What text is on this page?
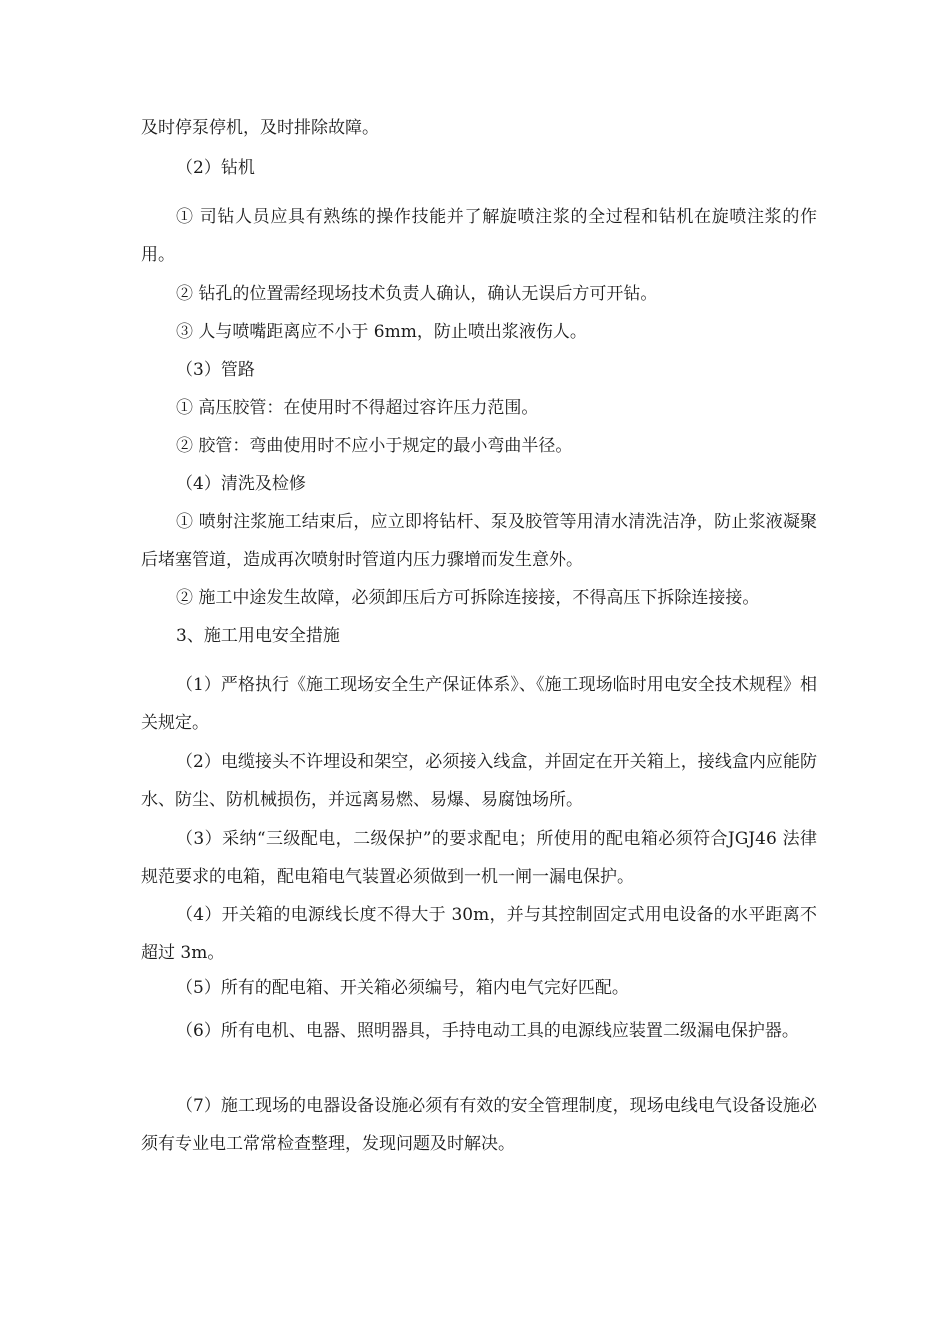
及时停泵停机，及时排除故障。

（2）钻机

① 司钻人员应具有熟练的操作技能并了解旋喷注浆的全过程和钻机在旋喷注浆的作用。

② 钻孔的位置需经现场技术负责人确认，确认无误后方可开钻。

③ 人与喷嘴距离应不小于 6mm，防止喷出浆液伤人。

（3）管路

① 高压胶管：在使用时不得超过容许压力范围。

② 胶管：弯曲使用时不应小于规定的最小弯曲半径。

（4）清洗及检修

① 喷射注浆施工结束后，应立即将钻杆、泵及胶管等用清水清洗洁净，防止浆液凝聚后堵塞管道，造成再次喷射时管道内压力骤增而发生意外。

② 施工中途发生故障，必须卸压后方可拆除连接接，不得高压下拆除连接接。

3、施工用电安全措施

（1）严格执行《施工现场安全生产保证体系》、《施工现场临时用电安全技术规程》相关规定。

（2）电缆接头不许埋设和架空，必须接入线盒，并固定在开关箱上，接线盒内应能防水、防尘、防机械损伤，并远离易燃、易爆、易腐蚀场所。

（3）采纳“三级配电，二级保护”的要求配电；所使用的配电箱必须符合JGJ46 法律规范要求的电箱，配电箱电气装置必须做到一机一闸一漏电保护。

（4）开关箱的电源线长度不得大于 30m，并与其控制固定式用电设备的水平距离不超过 3m。

（5）所有的配电箱、开关箱必须编号，箱内电气完好匹配。

（6）所有电机、电器、照明器具，手持电动工具的电源线应装置二级漏电保护器。

（7）施工现场的电器设备设施必须有有效的安全管理制度，现场电线电气设备设施必须有专业电工常常检查整理，发现问题及时解决。
